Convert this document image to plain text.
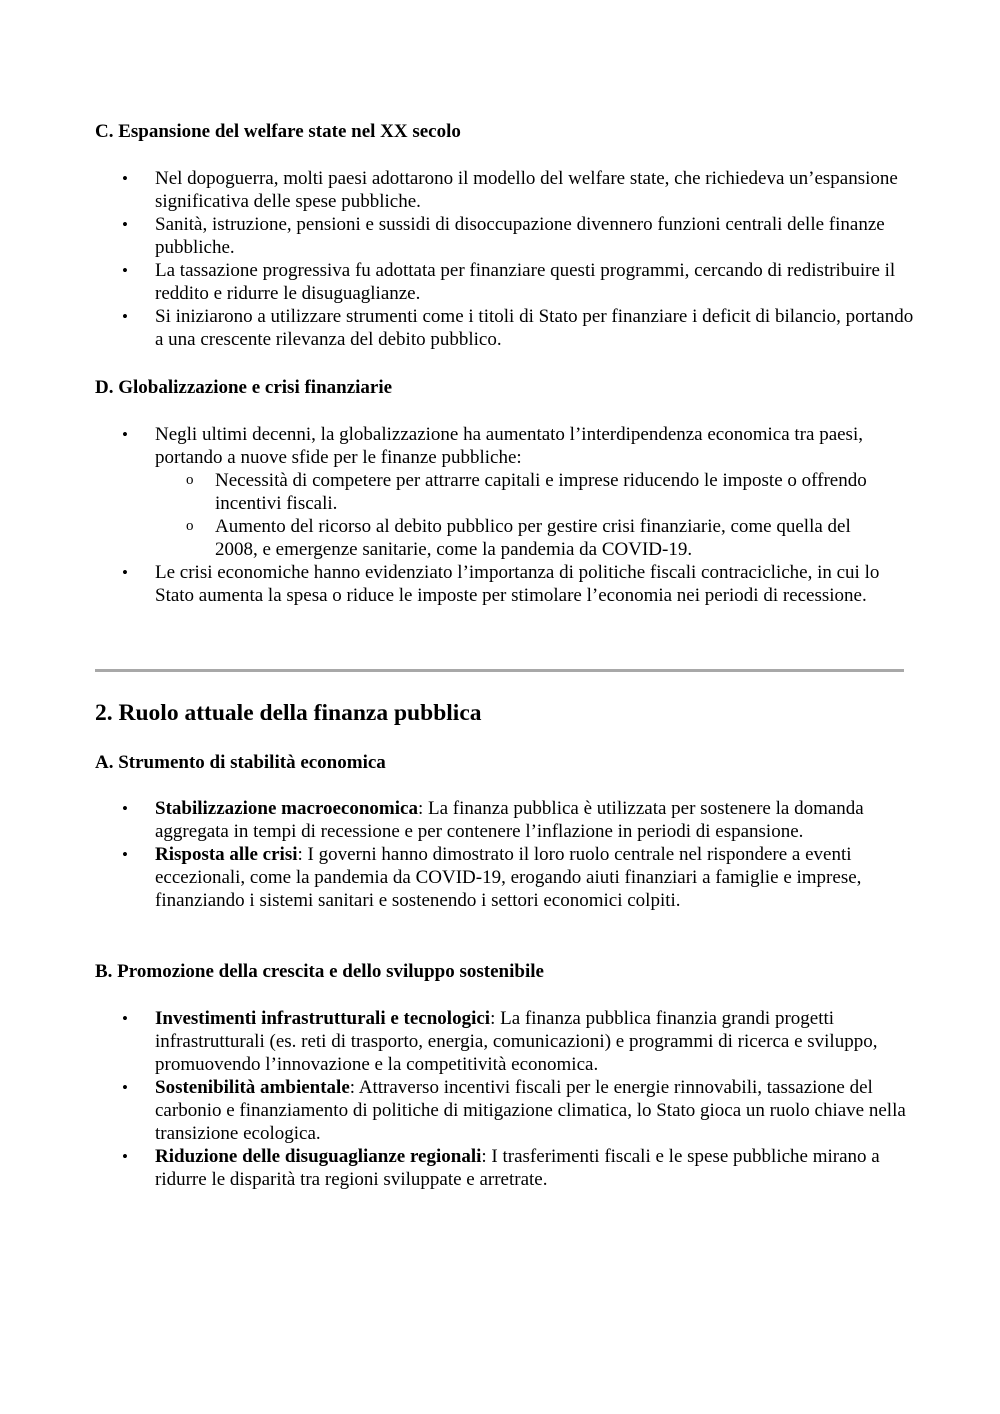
C. Espansione del welfare state nel XX secolo
• Nel dopoguerra, molti paesi adottarono il modello del welfare state, che richiedeva un’espansione significativa delle spese pubbliche.
• Sanità, istruzione, pensioni e sussidi di disoccupazione divennero funzioni centrali delle finanze pubbliche.
• La tassazione progressiva fu adottata per finanziare questi programmi, cercando di redistribuire il reddito e ridurre le disuguaglianze.
• Si iniziarono a utilizzare strumenti come i titoli di Stato per finanziare i deficit di bilancio, portando a una crescente rilevanza del debito pubblico.
D. Globalizzazione e crisi finanziarie
• Negli ultimi decenni, la globalizzazione ha aumentato l’interdipendenza economica tra paesi, portando a nuove sfide per le finanze pubbliche:
o Necessità di competere per attrarre capitali e imprese riducendo le imposte o offrendo incentivi fiscali.
o Aumento del ricorso al debito pubblico per gestire crisi finanziarie, come quella del 2008, e emergenze sanitarie, come la pandemia da COVID-19.
• Le crisi economiche hanno evidenziato l’importanza di politiche fiscali contracicliche, in cui lo Stato aumenta la spesa o riduce le imposte per stimolare l’economia nei periodi di recessione.
2. Ruolo attuale della finanza pubblica
A. Strumento di stabilità economica
• Stabilizzazione macroeconomica: La finanza pubblica è utilizzata per sostenere la domanda aggregata in tempi di recessione e per contenere l’inflazione in periodi di espansione.
• Risposta alle crisi: I governi hanno dimostrato il loro ruolo centrale nel rispondere a eventi eccezionali, come la pandemia da COVID-19, erogando aiuti finanziari a famiglie e imprese, finanziando i sistemi sanitari e sostenendo i settori economici colpiti.
B. Promozione della crescita e dello sviluppo sostenibile
• Investimenti infrastrutturali e tecnologici: La finanza pubblica finanzia grandi progetti infrastrutturali (es. reti di trasporto, energia, comunicazioni) e programmi di ricerca e sviluppo, promuovendo l’innovazione e la competitività economica.
• Sostenibilità ambientale: Attraverso incentivi fiscali per le energie rinnovabili, tassazione del carbonio e finanziamento di politiche di mitigazione climatica, lo Stato gioca un ruolo chiave nella transizione ecologica.
• Riduzione delle disuguaglianze regionali: I trasferimenti fiscali e le spese pubbliche mirano a ridurre le disparità tra regioni sviluppate e arretrate.
